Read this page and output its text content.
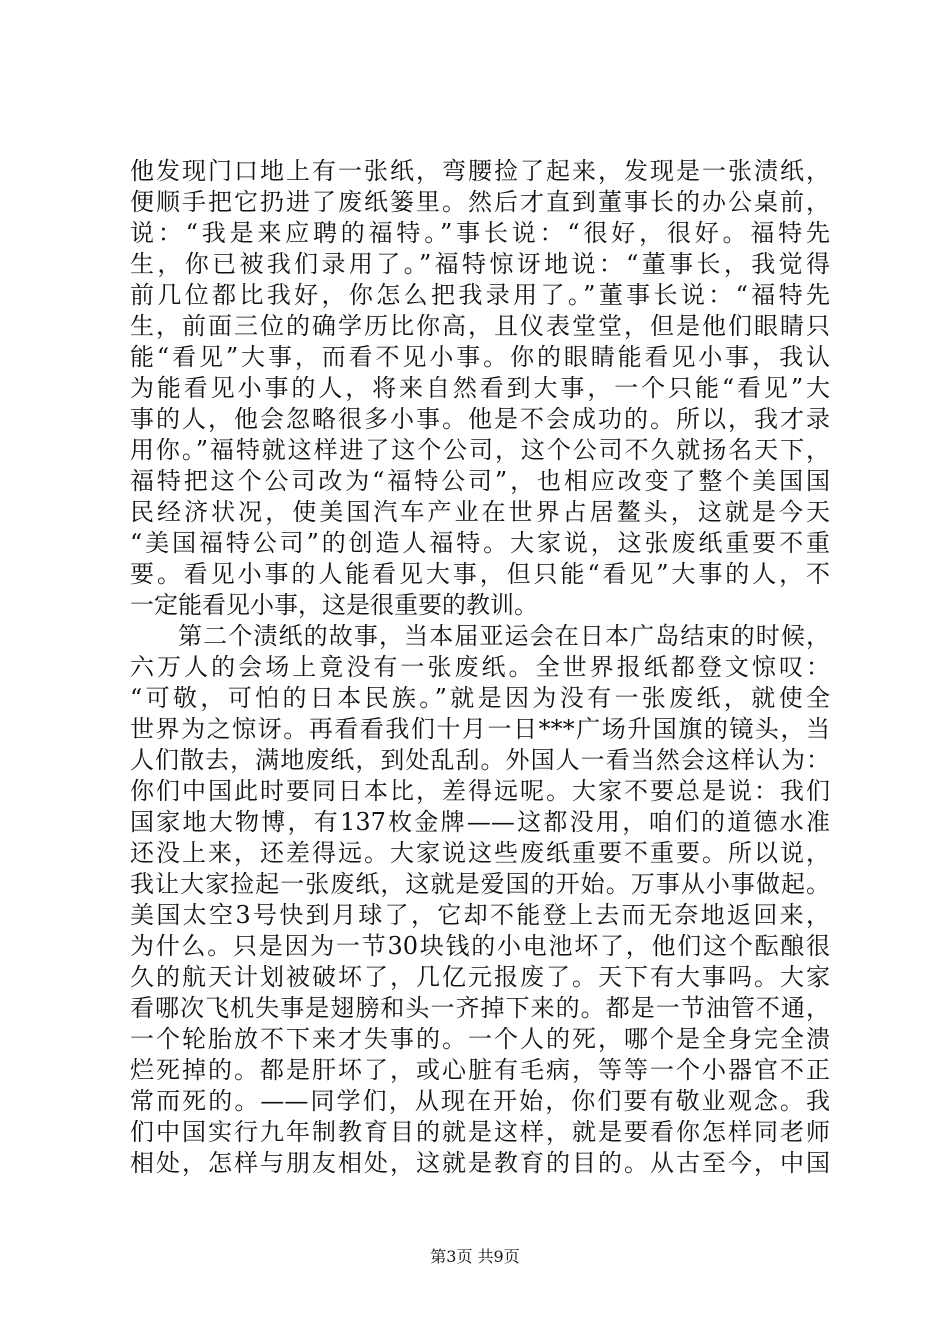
他发现门口地上有一张纸，弯腰捡了起来，发现是一张渍纸，
便顺手把它扔进了废纸篓里。然后才直到董事长的办公桌前，
说：“我是来应聘的福特。”事长说：“很好，很好。福特先
生，你已被我们录用了。”福特惊讶地说：“董事长，我觉得
前几位都比我好，你怎么把我录用了。”董事长说：“福特先
生，前面三位的确学历比你高，且仪表堂堂，但是他们眼睛只
能“看见”大事，而看不见小事。你的眼睛能看见小事，我认
为能看见小事的人，将来自然看到大事，一个只能“看见”大
事的人，他会忽略很多小事。他是不会成功的。所以，我才录
用你。”福特就这样进了这个公司，这个公司不久就扬名天下，
福特把这个公司改为“福特公司”，也相应改变了整个美国国
民经济状况，使美国汽车产业在世界占居鳌头，这就是今天
“美国福特公司”的创造人福特。大家说，这张废纸重要不重
要。看见小事的人能看见大事，但只能“看见”大事的人，不
一定能看见小事，这是很重要的教训。
第二个渍纸的故事，当本届亚运会在日本广岛结束的时候，
六万人的会场上竟没有一张废纸。全世界报纸都登文惊叹：
“可敬，可怕的日本民族。”就是因为没有一张废纸，就使全
世界为之惊讶。再看看我们十月一日***广场升国旗的镜头，当
人们散去，满地废纸，到处乱刮。外国人一看当然会这样认为：
你们中国此时要同日本比，差得远呢。大家不要总是说：我们
国家地大物博，有137枚金牌——这都没用，咱们的道德水准
还没上来，还差得远。大家说这些废纸重要不重要。所以说，
我让大家捡起一张废纸，这就是爱国的开始。万事从小事做起。
美国太空3号快到月球了，它却不能登上去而无奈地返回来，
为什么。只是因为一节30块钱的小电池坏了，他们这个酝酿很
久的航天计划被破坏了，几亿元报废了。天下有大事吗。大家
看哪次飞机失事是翅膀和头一齐掉下来的。都是一节油管不通，
一个轮胎放不下来才失事的。一个人的死，哪个是全身完全溃
烂死掉的。都是肝坏了，或心脏有毛病，等等一个小器官不正
常而死的。——同学们，从现在开始，你们要有敬业观念。我
们中国实行九年制教育目的就是这样，就是要看你怎样同老师
相处，怎样与朋友相处，这就是教育的目的。从古至今，中国
第3页 共9页
